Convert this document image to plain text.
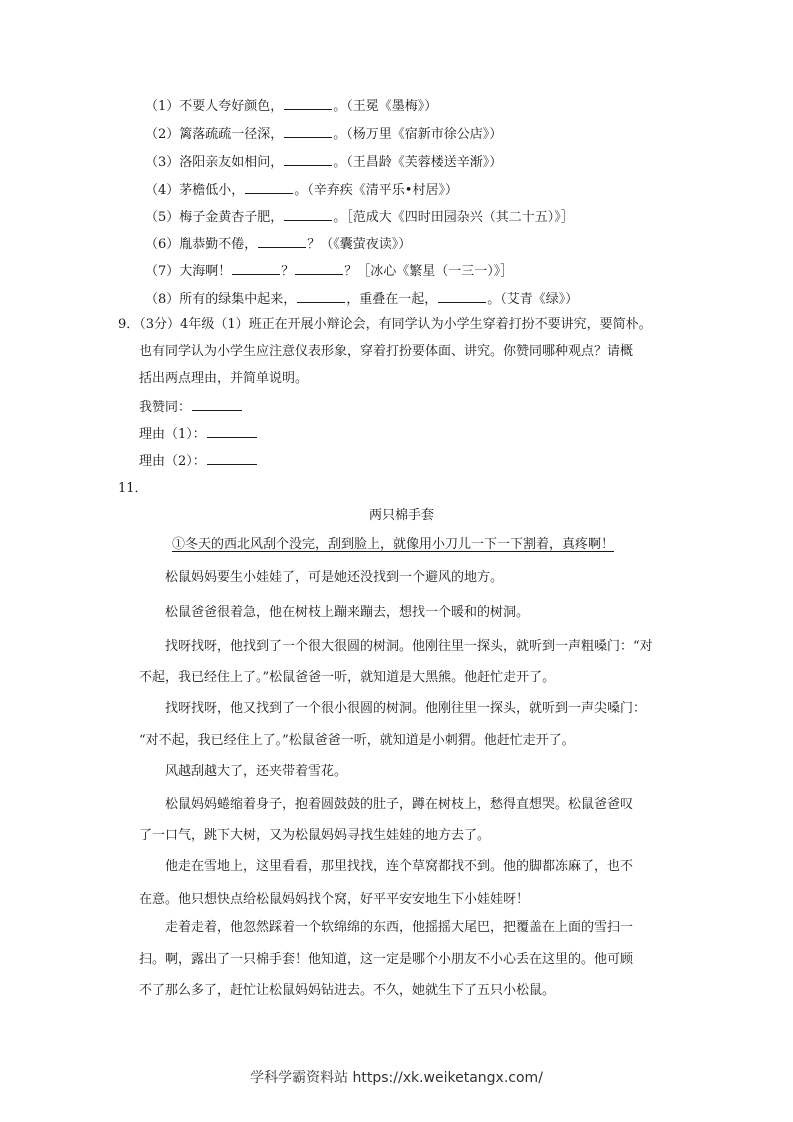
（1）不要人夸好颜色，	。（王冕《墨梅》）
（2）篱落疏疏一径深，	。（杨万里《宿新市徐公店》）
（3）洛阳亲友如相问，	。（王昌龄《芙蓉楼送辛渐》）
（4）茅檐低小，	。（辛弃疾《清平乐•村居》）
（5）梅子金黄杏子肥，	。［范成大《四时田园杂兴（其二十五）》］
（6）胤恭勤不倦，	？（《囊萤夜读》）
（7）大海啊！	？	？［冰心《繁星（一三一）》］
（8）所有的绿集中起来，	，重叠在一起，	。（艾青《绿》）
9．（3分）4年级（1）班正在开展小辩论会，有同学认为小学生穿着打扮不要讲究，要简朴。
也有同学认为小学生应注意仪表形象，穿着打扮要体面、讲究。你赞同哪种观点？请概
括出两点理由，并简单说明。
我赞同：
理由（1）：
理由（2）：
11．
两只棉手套
①冬天的西北风刮个没完，刮到脸上，就像用小刀儿一下一下割着，真疼啊！
松鼠妈妈要生小娃娃了，可是她还没找到一个避风的地方。
松鼠爸爸很着急，他在树枝上蹦来蹦去，想找一个暖和的树洞。
找呀找呀，他找到了一个很大很圆的树洞。他刚往里一探头，就听到一声粗嗓门：“对
不起，我已经住上了。”松鼠爸爸一听，就知道是大黑熊。他赶忙走开了。
找呀找呀，他又找到了一个很小很圆的树洞。他刚往里一探头，就听到一声尖嗓门：
“对不起，我已经住上了。”松鼠爸爸一听，就知道是小刺猬。他赶忙走开了。
风越刮越大了，还夹带着雪花。
松鼠妈妈蜷缩着身子，抱着圆鼓鼓的肚子，蹲在树枝上，愁得直想哭。松鼠爸爸叹
了一口气，跳下大树，又为松鼠妈妈寻找生娃娃的地方去了。
他走在雪地上，这里看看，那里找找，连个草窝都找不到。他的脚都冻麻了，也不
在意。他只想快点给松鼠妈妈找个窝，好平平安安地生下小娃娃呀！
走着走着，他忽然踩着一个软绵绵的东西，他摇摇大尾巴，把覆盖在上面的雪扫一
扫。啊，露出了一只棉手套！他知道，这一定是哪个小朋友不小心丢在这里的。他可顾
不了那么多了，赶忙让松鼠妈妈钻进去。不久，她就生下了五只小松鼠。
学科学霸资料站 https://xk.weiketangx.com/
